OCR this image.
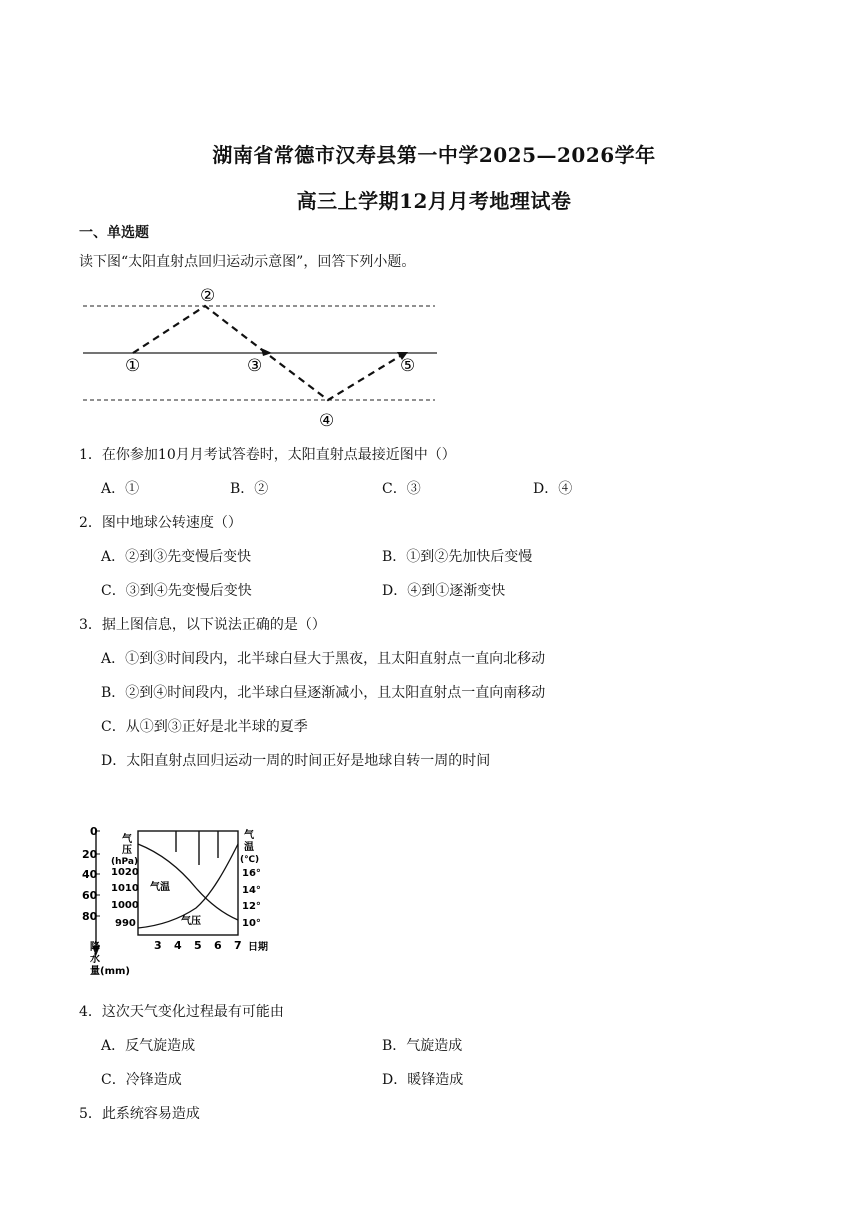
湖南省常德市汉寿县第一中学2025—2026学年
高三上学期12月月考地理试卷
一、单选题
读下图“太阳直射点回归运动示意图”，回答下列小题。
①
②
③
④
⑤
1．在你参加10月月考试答卷时，太阳直射点最接近图中（）
A．①	B．②	C．③	D．④
2．图中地球公转速度（）
A．②到③先变慢后变快	B．①到②先加快后变慢
C．③到④先变慢后变快	D．④到①逐渐变快
3．据上图信息，以下说法正确的是（）
A．①到③时间段内，北半球白昼大于黑夜，且太阳直射点一直向北移动
B．②到④时间段内，北半球白昼逐渐减小，且太阳直射点一直向南移动
C．从①到③正好是北半球的夏季
D．太阳直射点回归运动一周的时间正好是地球自转一周的时间
0
20
40
60
80
气
压
(hPa)
1020
1010
1000
990
气
温
(℃)
16°
14°
12°
10°
气温
气压
3 4 5 6 7 日期
降
水
量(mm)
4．这次天气变化过程最有可能由
A．反气旋造成	B．气旋造成
C．冷锋造成	D．暖锋造成
5．此系统容易造成
